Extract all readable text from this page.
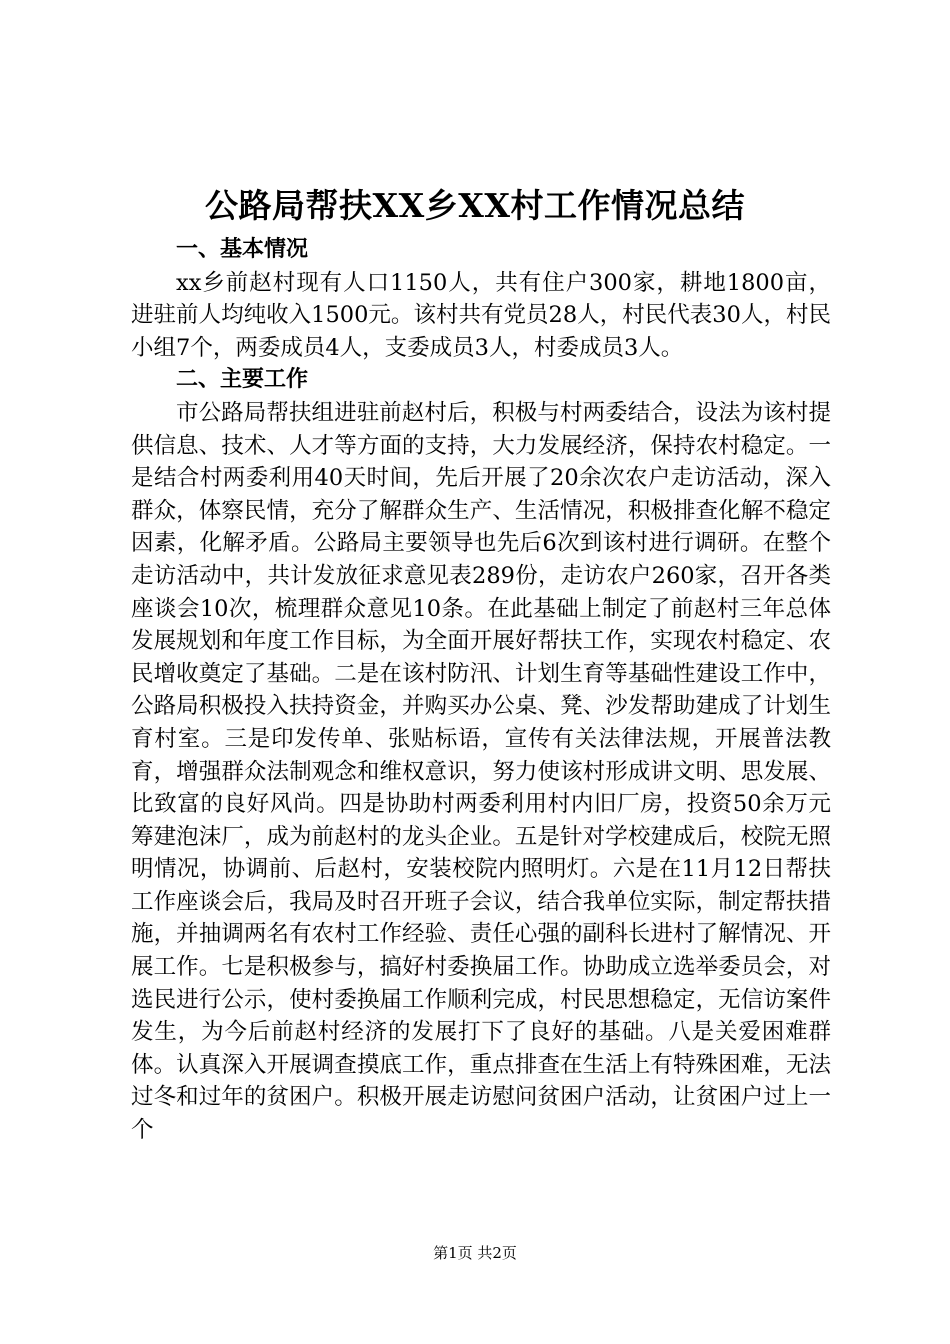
公路局帮扶XX乡XX村工作情况总结

一、基本情况

xx乡前赵村现有人口1150人，共有住户300家，耕地1800亩，进驻前人均纯收入1500元。该村共有党员28人，村民代表30人，村民小组7个，两委成员4人，支委成员3人，村委成员3人。

二、主要工作

市公路局帮扶组进驻前赵村后，积极与村两委结合，设法为该村提供信息、技术、人才等方面的支持，大力发展经济，保持农村稳定。一是结合村两委利用40天时间，先后开展了20余次农户走访活动，深入群众，体察民情，充分了解群众生产、生活情况，积极排查化解不稳定因素，化解矛盾。公路局主要领导也先后6次到该村进行调研。在整个走访活动中，共计发放征求意见表289份，走访农户260家，召开各类座谈会10次，梳理群众意见10条。在此基础上制定了前赵村三年总体发展规划和年度工作目标，为全面开展好帮扶工作，实现农村稳定、农民增收奠定了基础。二是在该村防汛、计划生育等基础性建设工作中，公路局积极投入扶持资金，并购买办公桌、凳、沙发帮助建成了计划生育村室。三是印发传单、张贴标语，宣传有关法律法规，开展普法教育，增强群众法制观念和维权意识，努力使该村形成讲文明、思发展、比致富的良好风尚。四是协助村两委利用村内旧厂房，投资50余万元筹建泡沫厂，成为前赵村的龙头企业。五是针对学校建成后，校院无照明情况，协调前、后赵村，安装校院内照明灯。六是在11月12日帮扶工作座谈会后，我局及时召开班子会议，结合我单位实际，制定帮扶措施，并抽调两名有农村工作经验、责任心强的副科长进村了解情况、开展工作。七是积极参与，搞好村委换届工作。协助成立选举委员会，对选民进行公示，使村委换届工作顺利完成，村民思想稳定，无信访案件发生，为今后前赵村经济的发展打下了良好的基础。八是关爱困难群体。认真深入开展调查摸底工作，重点排查在生活上有特殊困难，无法过冬和过年的贫困户。积极开展走访慰问贫困户活动，让贫困户过上一个

第1页 共2页
